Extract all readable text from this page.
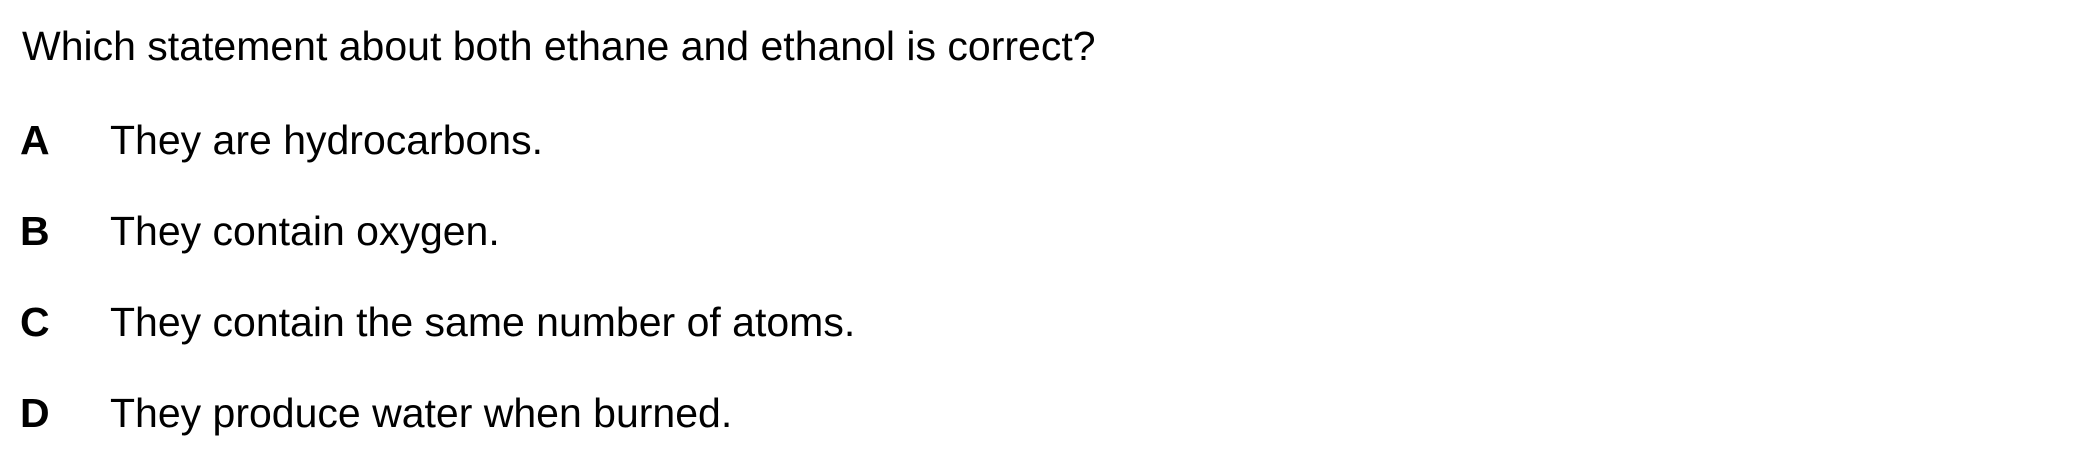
Which statement about both ethane and ethanol is correct?
A	They are hydrocarbons.
B	They contain oxygen.
C	They contain the same number of atoms.
D	They produce water when burned.
